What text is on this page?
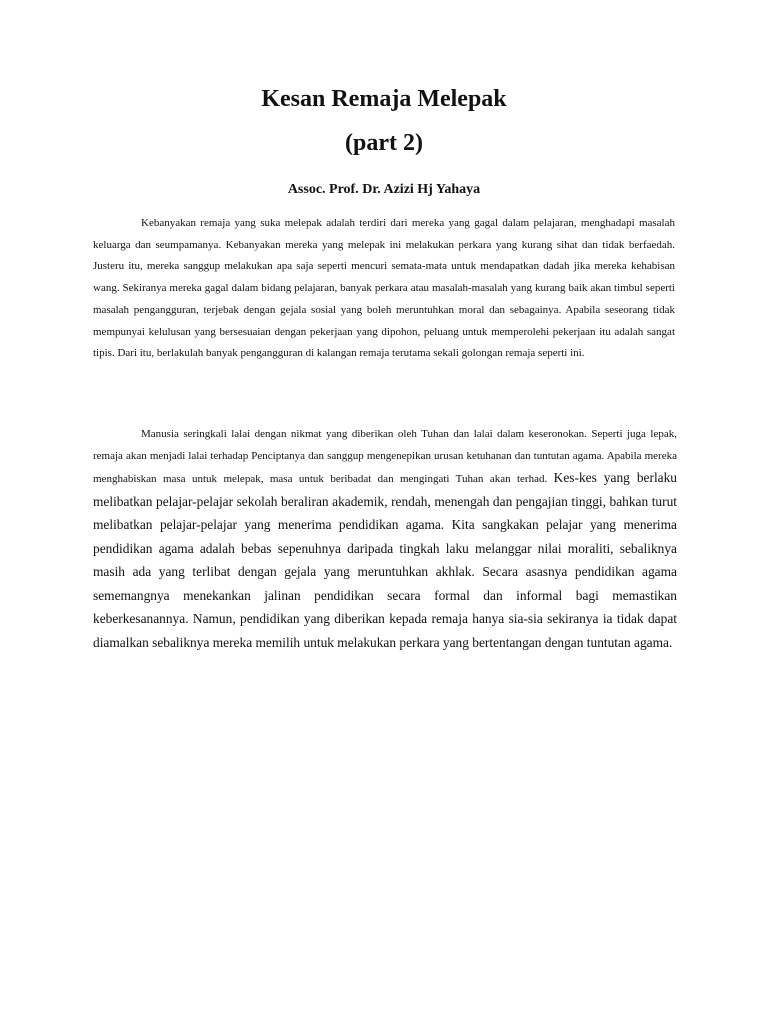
Kesan Remaja Melepak
(part 2)

Assoc. Prof. Dr. Azizi Hj Yahaya

Kebanyakan remaja yang suka melepak adalah terdiri dari mereka yang gagal dalam pelajaran, menghadapi masalah keluarga dan seumpamanya. Kebanyakan mereka yang melepak ini melakukan perkara yang kurang sihat dan tidak berfaedah. Justeru itu, mereka sanggup melakukan apa saja seperti mencuri semata-mata untuk mendapatkan dadah jika mereka kehabisan wang. Sekiranya mereka gagal dalam bidang pelajaran, banyak perkara atau masalah-masalah yang kurang baik akan timbul seperti masalah pengangguran, terjebak dengan gejala sosial yang boleh meruntuhkan moral dan sebagainya. Apabila seseorang tidak mempunyai kelulusan yang bersesuaian dengan pekerjaan yang dipohon, peluang untuk memperolehi pekerjaan itu adalah sangat tipis. Dari itu, berlakulah banyak pengangguran di kalangan remaja terutama sekali golongan remaja seperti ini.

Manusia seringkali lalai dengan nikmat yang diberikan oleh Tuhan dan lalai dalam keseronokan. Seperti juga lepak, remaja akan menjadi lalai terhadap Penciptanya dan sanggup mengenepikan urusan ketuhanan dan tuntutan agama. Apabila mereka menghabiskan masa untuk melepak, masa untuk beribadat dan mengingati Tuhan akan terhad. Kes-kes yang berlaku melibatkan pelajar-pelajar sekolah beraliran akademik, rendah, menengah dan pengajian tinggi, bahkan turut melibatkan pelajar-pelajar yang menerima pendidikan agama. Kita sangkakan pelajar yang menerima pendidikan agama adalah bebas sepenuhnya daripada tingkah laku melanggar nilai moraliti, sebaliknya masih ada yang terlibat dengan gejala yang meruntuhkan akhlak. Secara asasnya pendidikan agama sememangnya menekankan jalinan pendidikan secara formal dan informal bagi memastikan keberkesanannya. Namun, pendidikan yang diberikan kepada remaja hanya sia-sia sekiranya ia tidak dapat diamalkan sebaliknya mereka memilih untuk melakukan perkara yang bertentangan dengan tuntutan agama.
